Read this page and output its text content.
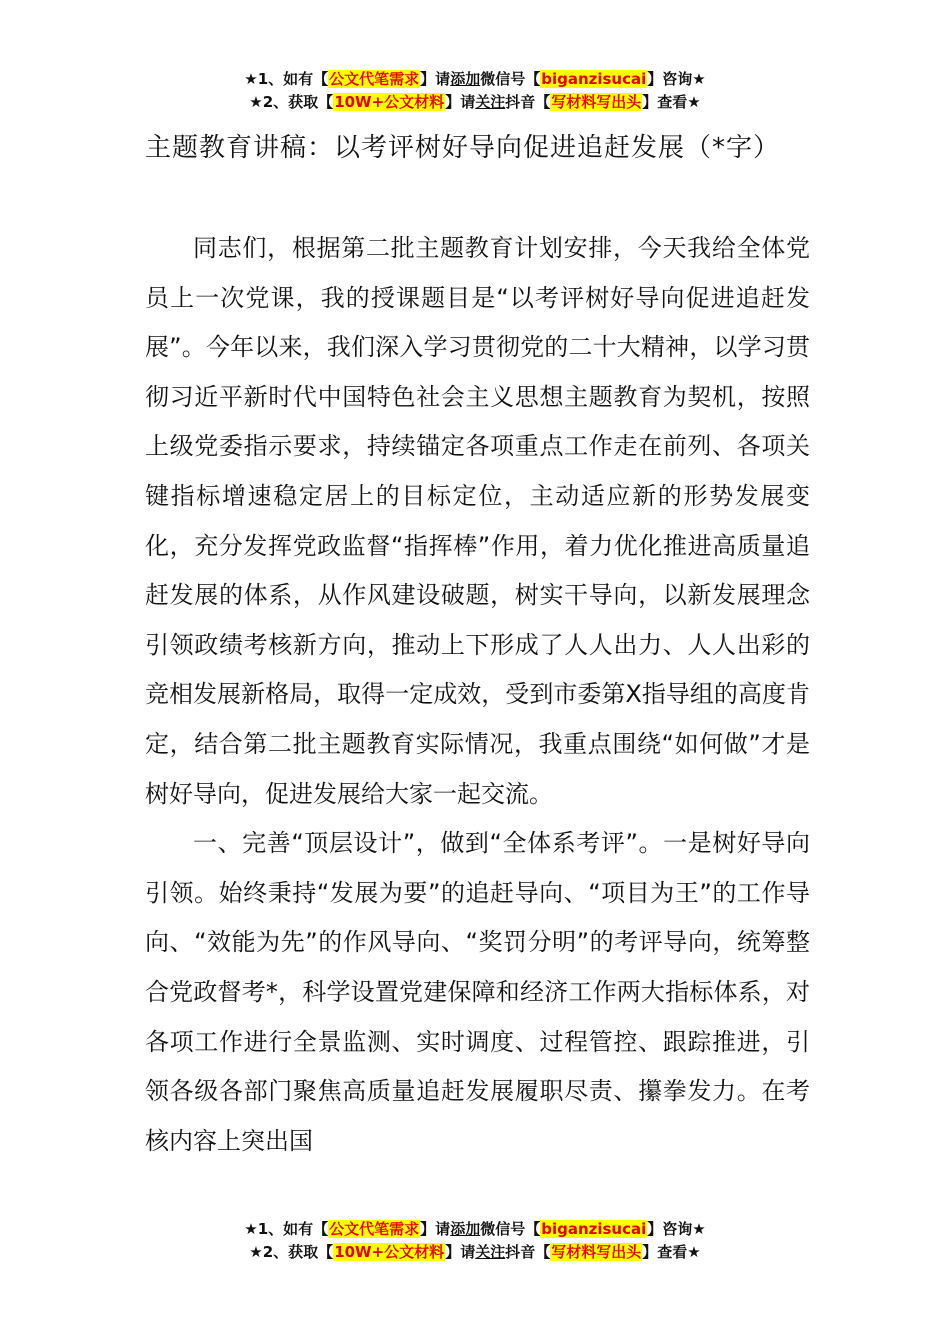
★1、如有【公文代笔需求】请添加微信号【biganzisucai】咨询★
★2、获取【10W+公文材料】请关注抖音【写材料写出头】查看★
主题教育讲稿：以考评树好导向促进追赶发展（*字）

同志们，根据第二批主题教育计划安排，今天我给全体党员上一次党课，我的授课题目是“以考评树好导向促进追赶发展”。今年以来，我们深入学习贯彻党的二十大精神，以学习贯彻习近平新时代中国特色社会主义思想主题教育为契机，按照上级党委指示要求，持续锚定各项重点工作走在前列、各项关键指标增速稳定居上的目标定位，主动适应新的形势发展变化，充分发挥党政监督“指挥棒”作用，着力优化推进高质量追赶发展的体系，从作风建设破题，树实干导向，以新发展理念引领政绩考核新方向，推动上下形成了人人出力、人人出彩的竞相发展新格局，取得一定成效，受到市委第X指导组的高度肯定，结合第二批主题教育实际情况，我重点围绕“如何做”才是树好导向，促进发展给大家一起交流。

一、完善“顶层设计”，做到“全体系考评”。一是树好导向引领。始终秉持“发展为要”的追赶导向、“项目为王”的工作导向、“效能为先”的作风导向、“奖罚分明”的考评导向，统筹整合党政督考*，科学设置党建保障和经济工作两大指标体系，对各项工作进行全景监测、实时调度、过程管控、跟踪推进，引领各级各部门聚焦高质量追赶发展履职尽责、攥拳发力。在考核内容上突出国

★1、如有【公文代笔需求】请添加微信号【biganzisucai】咨询★
★2、获取【10W+公文材料】请关注抖音【写材料写出头】查看★
